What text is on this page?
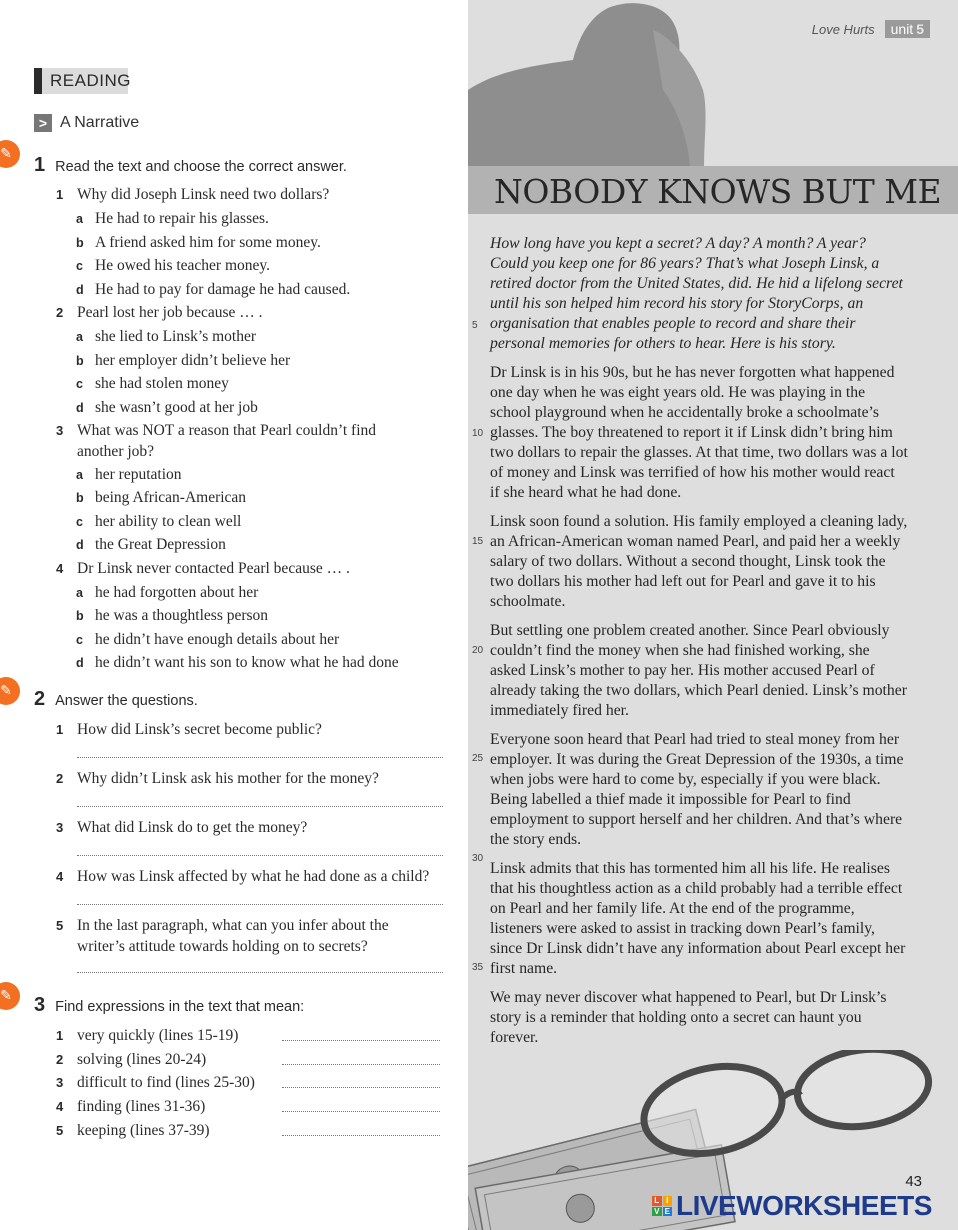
READING
> A Narrative
✎	1 Read the text and choose the correct answer.
1 Why did Joseph Linsk need two dollars?
a He had to repair his glasses.
b A friend asked him for some money.
c He owed his teacher money.
d He had to pay for damage he had caused.
2 Pearl lost her job because … .
a she lied to Linsk’s mother
b her employer didn’t believe her
c she had stolen money
d she wasn’t good at her job
3 What was NOT a reason that Pearl couldn’t find another job?
a her reputation
b being African-American
c her ability to clean well
d the Great Depression
4 Dr Linsk never contacted Pearl because … .
a he had forgotten about her
b he was a thoughtless person
c he didn’t have enough details about her
d he didn’t want his son to know what he had done
✎	2 Answer the questions.
1 How did Linsk’s secret become public?
2 Why didn’t Linsk ask his mother for the money?
3 What did Linsk do to get the money?
4 How was Linsk affected by what he had done as a child?
5 In the last paragraph, what can you infer about the writer’s attitude towards holding on to secrets?
✎	3 Find expressions in the text that mean:
1 very quickly (lines 15-19)
2 solving (lines 20-24)
3 difficult to find (lines 25-30)
4 finding (lines 31-36)
5 keeping (lines 37-39)
Love Hurts	unit 5
NOBODY KNOWS BUT ME

How long have you kept a secret? A day? A month? A year? Could you keep one for 86 years? That’s what Joseph Linsk, a retired doctor from the United States, did. He hid a lifelong secret until his son helped him record his story for StoryCorps, an organisation that enables people to record and share their personal memories for others to hear. Here is his story.

Dr Linsk is in his 90s, but he has never forgotten what happened one day when he was eight years old. He was playing in the school playground when he accidentally broke a schoolmate’s glasses. The boy threatened to report it if Linsk didn’t bring him two dollars to repair the glasses. At that time, two dollars was a lot of money and Linsk was terrified of how his mother would react if she heard what he had done.

Linsk soon found a solution. His family employed a cleaning lady, an African-American woman named Pearl, and paid her a weekly salary of two dollars. Without a second thought, Linsk took the two dollars his mother had left out for Pearl and gave it to his schoolmate.

But settling one problem created another. Since Pearl obviously couldn’t find the money when she had finished working, she asked Linsk’s mother to pay her. His mother accused Pearl of already taking the two dollars, which Pearl denied. Linsk’s mother immediately fired her.

Everyone soon heard that Pearl had tried to steal money from her employer. It was during the Great Depression of the 1930s, a time when jobs were hard to come by, especially if you were black. Being labelled a thief made it impossible for Pearl to find employment to support herself and her children. And that’s where the story ends.

Linsk admits that this has tormented him all his life. He realises that his thoughtless action as a child probably had a terrible effect on Pearl and her family life. At the end of the programme, listeners were asked to assist in tracking down Pearl’s family, since Dr Linsk didn’t have any information about Pearl except her first name.

We may never discover what happened to Pearl, but Dr Linsk’s story is a reminder that holding onto a secret can haunt you forever.

5
10
15
20
25
30
35
43
L I
V E LIVEWORKSHEETS
